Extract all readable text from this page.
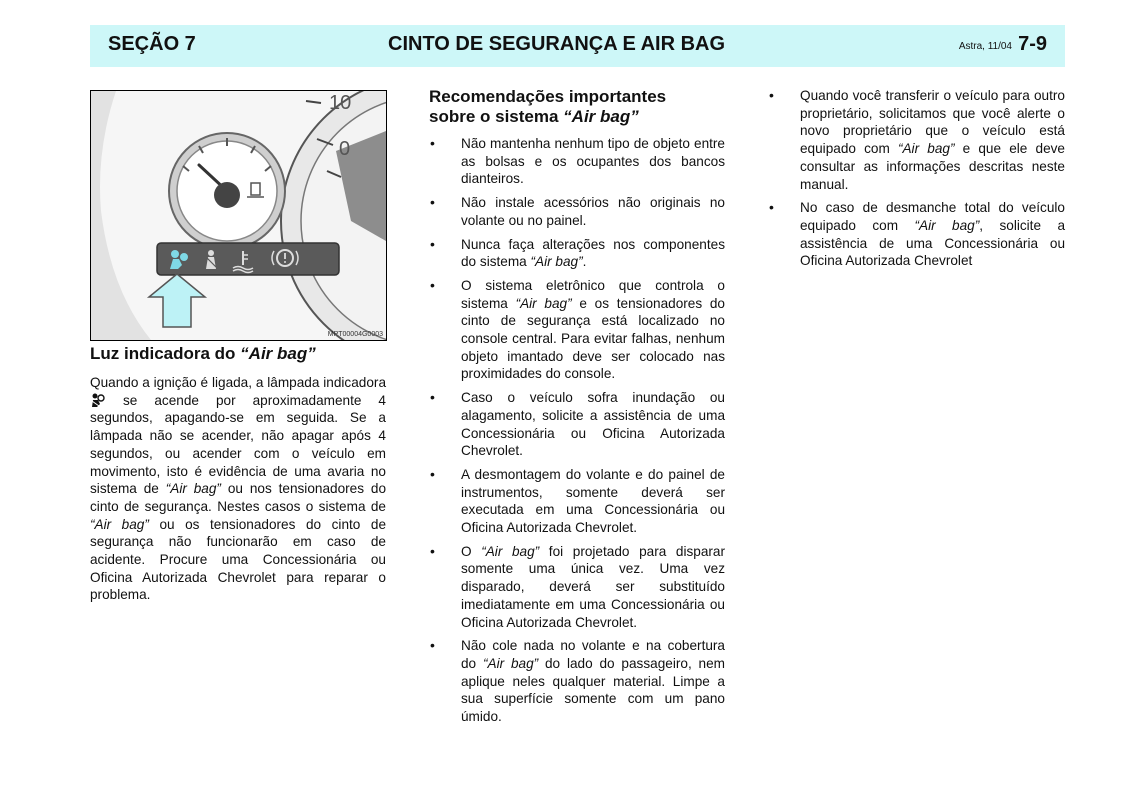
SEÇÃO 7	CINTO DE SEGURANÇA E AIR BAG	Astra, 11/04 7-9
10
0
MPT00004G0003
Luz indicadora do “Air bag”
Quando a ignição é ligada, a lâmpada indicadora  se acende por aproximadamente 4 segundos, apagando-se em seguida. Se a lâmpada não se acender, não apagar após 4 segundos, ou acender com o veículo em movimento, isto é evidência de uma avaria no sistema de “Air bag” ou nos tensionadores do cinto de segurança. Nestes casos o sistema de “Air bag” ou os tensionadores do cinto de segurança não funcionarão em caso de acidente. Procure uma Concessionária ou Oficina Autorizada Chevrolet para reparar o problema.
Recomendações importantes
sobre o sistema “Air bag”
• Não mantenha nenhum tipo de objeto entre as bolsas e os ocupantes dos bancos dianteiros.
• Não instale acessórios não originais no volante ou no painel.
• Nunca faça alterações nos componentes do sistema “Air bag”.
• O sistema eletrônico que controla o sistema “Air bag” e os tensionadores do cinto de segurança está localizado no console central. Para evitar falhas, nenhum objeto imantado deve ser colocado nas proximidades do console.
• Caso o veículo sofra inundação ou alagamento, solicite a assistência de uma Concessionária ou Oficina Autorizada Chevrolet.
• A desmontagem do volante e do painel de instrumentos, somente deverá ser executada em uma Concessionária ou Oficina Autorizada Chevrolet.
• O “Air bag” foi projetado para disparar somente uma única vez. Uma vez disparado, deverá ser substituído imediatamente em uma Concessionária ou Oficina Autorizada Chevrolet.
• Não cole nada no volante e na cobertura do “Air bag” do lado do passageiro, nem aplique neles qualquer material. Limpe a sua superfície somente com um pano úmido.
• Quando você transferir o veículo para outro proprietário, solicitamos que você alerte o novo proprietário que o veículo está equipado com “Air bag” e que ele deve consultar as informações descritas neste manual.
• No caso de desmanche total do veículo equipado com “Air bag”, solicite a assistência de uma Concessionária ou Oficina Autorizada Chevrolet
